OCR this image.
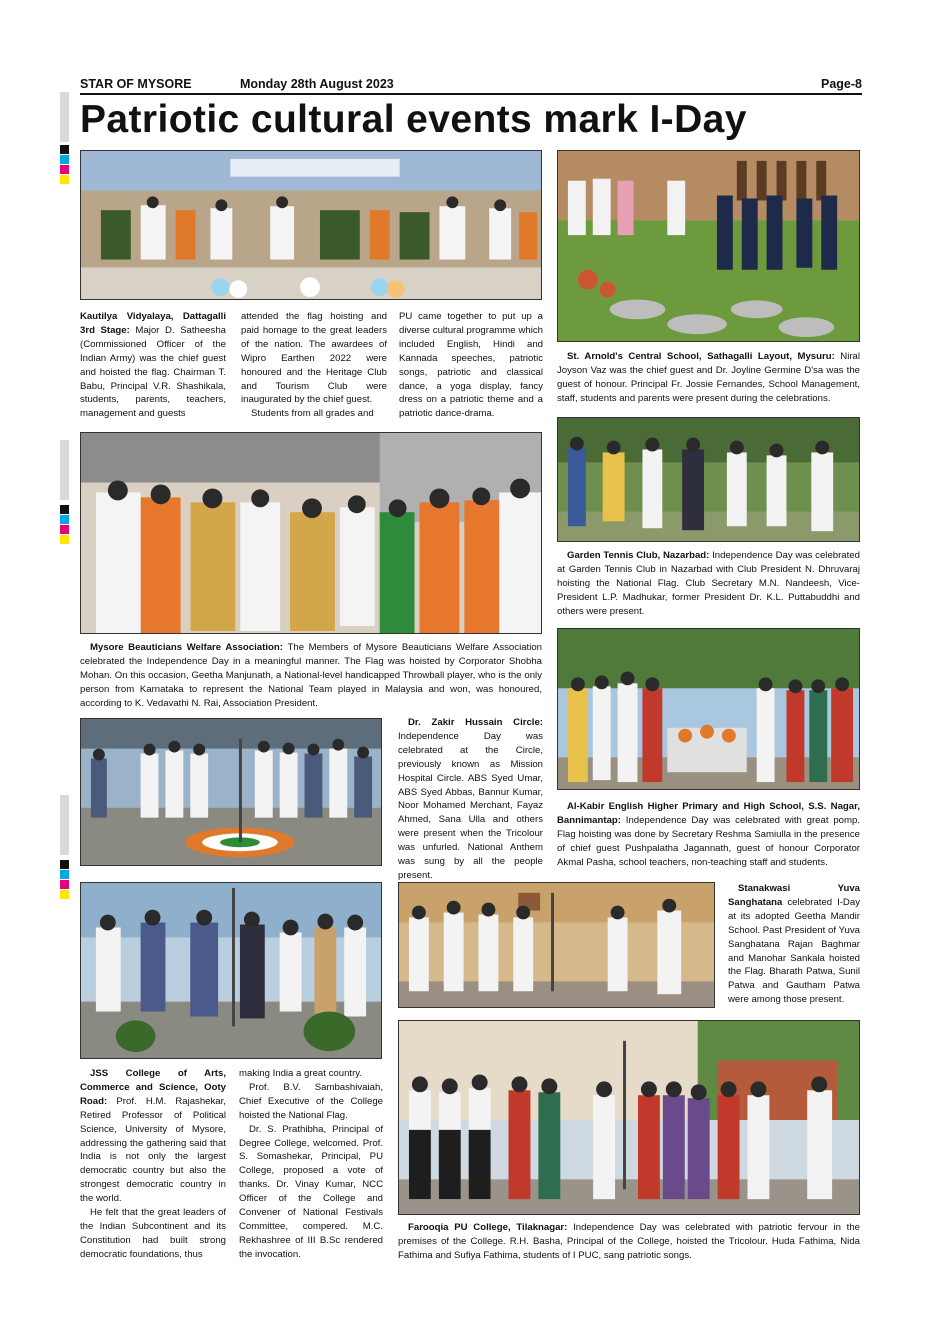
STAR OF MYSORE	Monday 28th August 2023	Page-8
Patriotic cultural events mark I-Day
Kautilya Vidyalaya, Dattagalli 3rd Stage: Major D. Satheesha (Commissioned Officer of the Indian Army) was the chief guest and hoisted the flag. Chairman T. Babu, Principal V.R. Shashikala, students, parents, teachers, management and guests
attended the flag hoisting and paid homage to the great leaders of the nation. The awardees of Wipro Earthen 2022 were honoured and the Heritage Club and Tourism Club were inaugurated by the chief guest.
Students from all grades and
PU came together to put up a diverse cultural programme which included English, Hindi and Kannada speeches, patriotic songs, patriotic and classical dance, a yoga display, fancy dress on a patriotic theme and a patriotic dance-drama.
St. Arnold's Central School, Sathagalli Layout, Mysuru: Niral Joyson Vaz was the chief guest and Dr. Joyline Germine D'sa was the guest of honour. Principal Fr. Jossie Fernandes, School Management, staff, students and parents were present during the celebrations.
Mysore Beauticians Welfare Association: The Members of Mysore Beauticians Welfare Association celebrated the Independence Day in a meaningful manner. The Flag was hoisted by Corporator Shobha Mohan. On this occasion, Geetha Manjunath, a National-level handicapped Throwball player, who is the only person from Karnataka to represent the National Team played in Malaysia and won, was honoured, according to K. Vedavathi N. Rai, Association President.
Garden Tennis Club, Nazarbad: Independence Day was celebrated at Garden Tennis Club in Nazarbad with Club President N. Dhruvaraj hoisting the National Flag. Club Secretary M.N. Nandeesh, Vice-President L.P. Madhukar, former President Dr. K.L. Puttabuddhi and others were present.
Al-Kabir English Higher Primary and High School, S.S. Nagar, Bannimantap: Independence Day was celebrated with great pomp. Flag hoisting was done by Secretary Reshma Samiulla in the presence of chief guest Pushpalatha Jagannath, guest of honour Corporator Akmal Pasha, school teachers, non-teaching staff and students.
Dr. Zakir Hussain Circle: Independence Day was celebrated at the Circle, previously known as Mission Hospital Circle. ABS Syed Umar, ABS Syed Abbas, Bannur Kumar, Noor Mohamed Merchant, Fayaz Ahmed, Sana Ulla and others were present when the Tricolour was unfurled. National Anthem was sung by all the people present.
Stanakwasi Yuva Sanghatana celebrated I-Day at its adopted Geetha Mandir School. Past President of Yuva Sanghatana Rajan Baghmar and Manohar Sankala hoisted the Flag. Bharath Patwa, Sunil Patwa and Gautham Patwa were among those present.
JSS College of Arts, Commerce and Science, Ooty Road: Prof. H.M. Rajashekar, Retired Professor of Political Science, University of Mysore, addressing the gathering said that India is not only the largest democratic country but also the strongest democratic country in the world.
He felt that the great leaders of the Indian Subcontinent and its Constitution had built strong democratic foundations, thus
making India a great country.
Prof. B.V. Sambashivaiah, Chief Executive of the College hoisted the National Flag.
Dr. S. Prathibha, Principal of Degree College, welcomed. Prof. S. Somashekar, Principal, PU College, proposed a vote of thanks. Dr. Vinay Kumar, NCC Officer of the College and Convener of National Festivals Committee, compered. M.C. Rekhashree of III B.Sc rendered the invocation.
Farooqia PU College, Tilaknagar: Independence Day was celebrated with patriotic fervour in the premises of the College. R.H. Basha, Principal of the College, hoisted the Tricolour. Huda Fathima, Nida Fathima and Sufiya Fathima, students of I PUC, sang patriotic songs.
